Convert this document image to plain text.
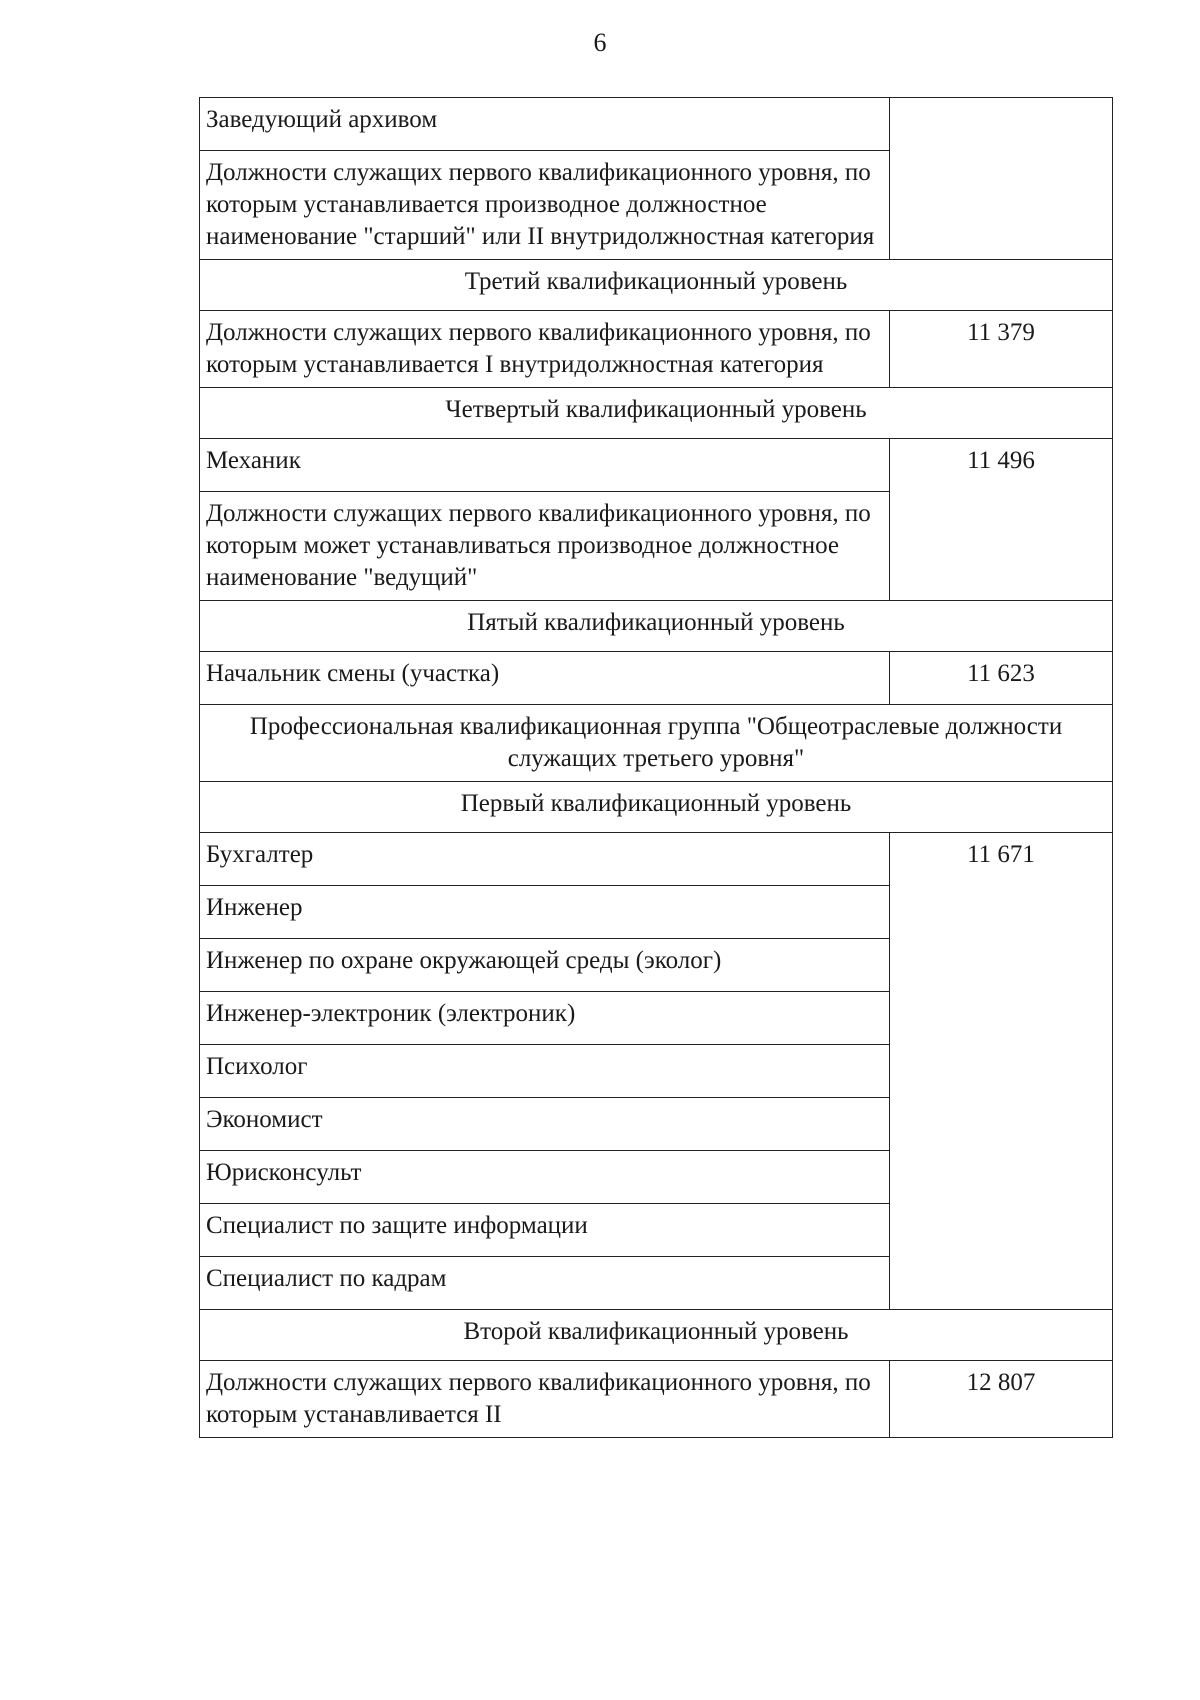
6
Заведующий архивом	
Должности служащих первого квалификационного уровня, по которым устанавливается производное должностное наименование "старший" или II внутридолжностная категория	
Третий квалификационный уровень	
Должности служащих первого квалификационного уровня, по которым устанавливается I внутридолжностная категория	11 379
Четвертый квалификационный уровень	
Механик	11 496
Должности служащих первого квалификационного уровня, по которым может устанавливаться производное должностное наименование "ведущий"	
Пятый квалификационный уровень	
Начальник смены (участка)	11 623
Профессиональная квалификационная группа "Общеотраслевые должности служащих третьего уровня"	
Первый квалификационный уровень	
Бухгалтер	11 671
Инженер	
Инженер по охране окружающей среды (эколог)	
Инженер-электроник (электроник)	
Психолог	
Экономист	
Юрисконсульт	
Специалист по защите информации	
Специалист по кадрам	
Второй квалификационный уровень	
Должности служащих первого квалификационного уровня, по которым устанавливается II	12 807
